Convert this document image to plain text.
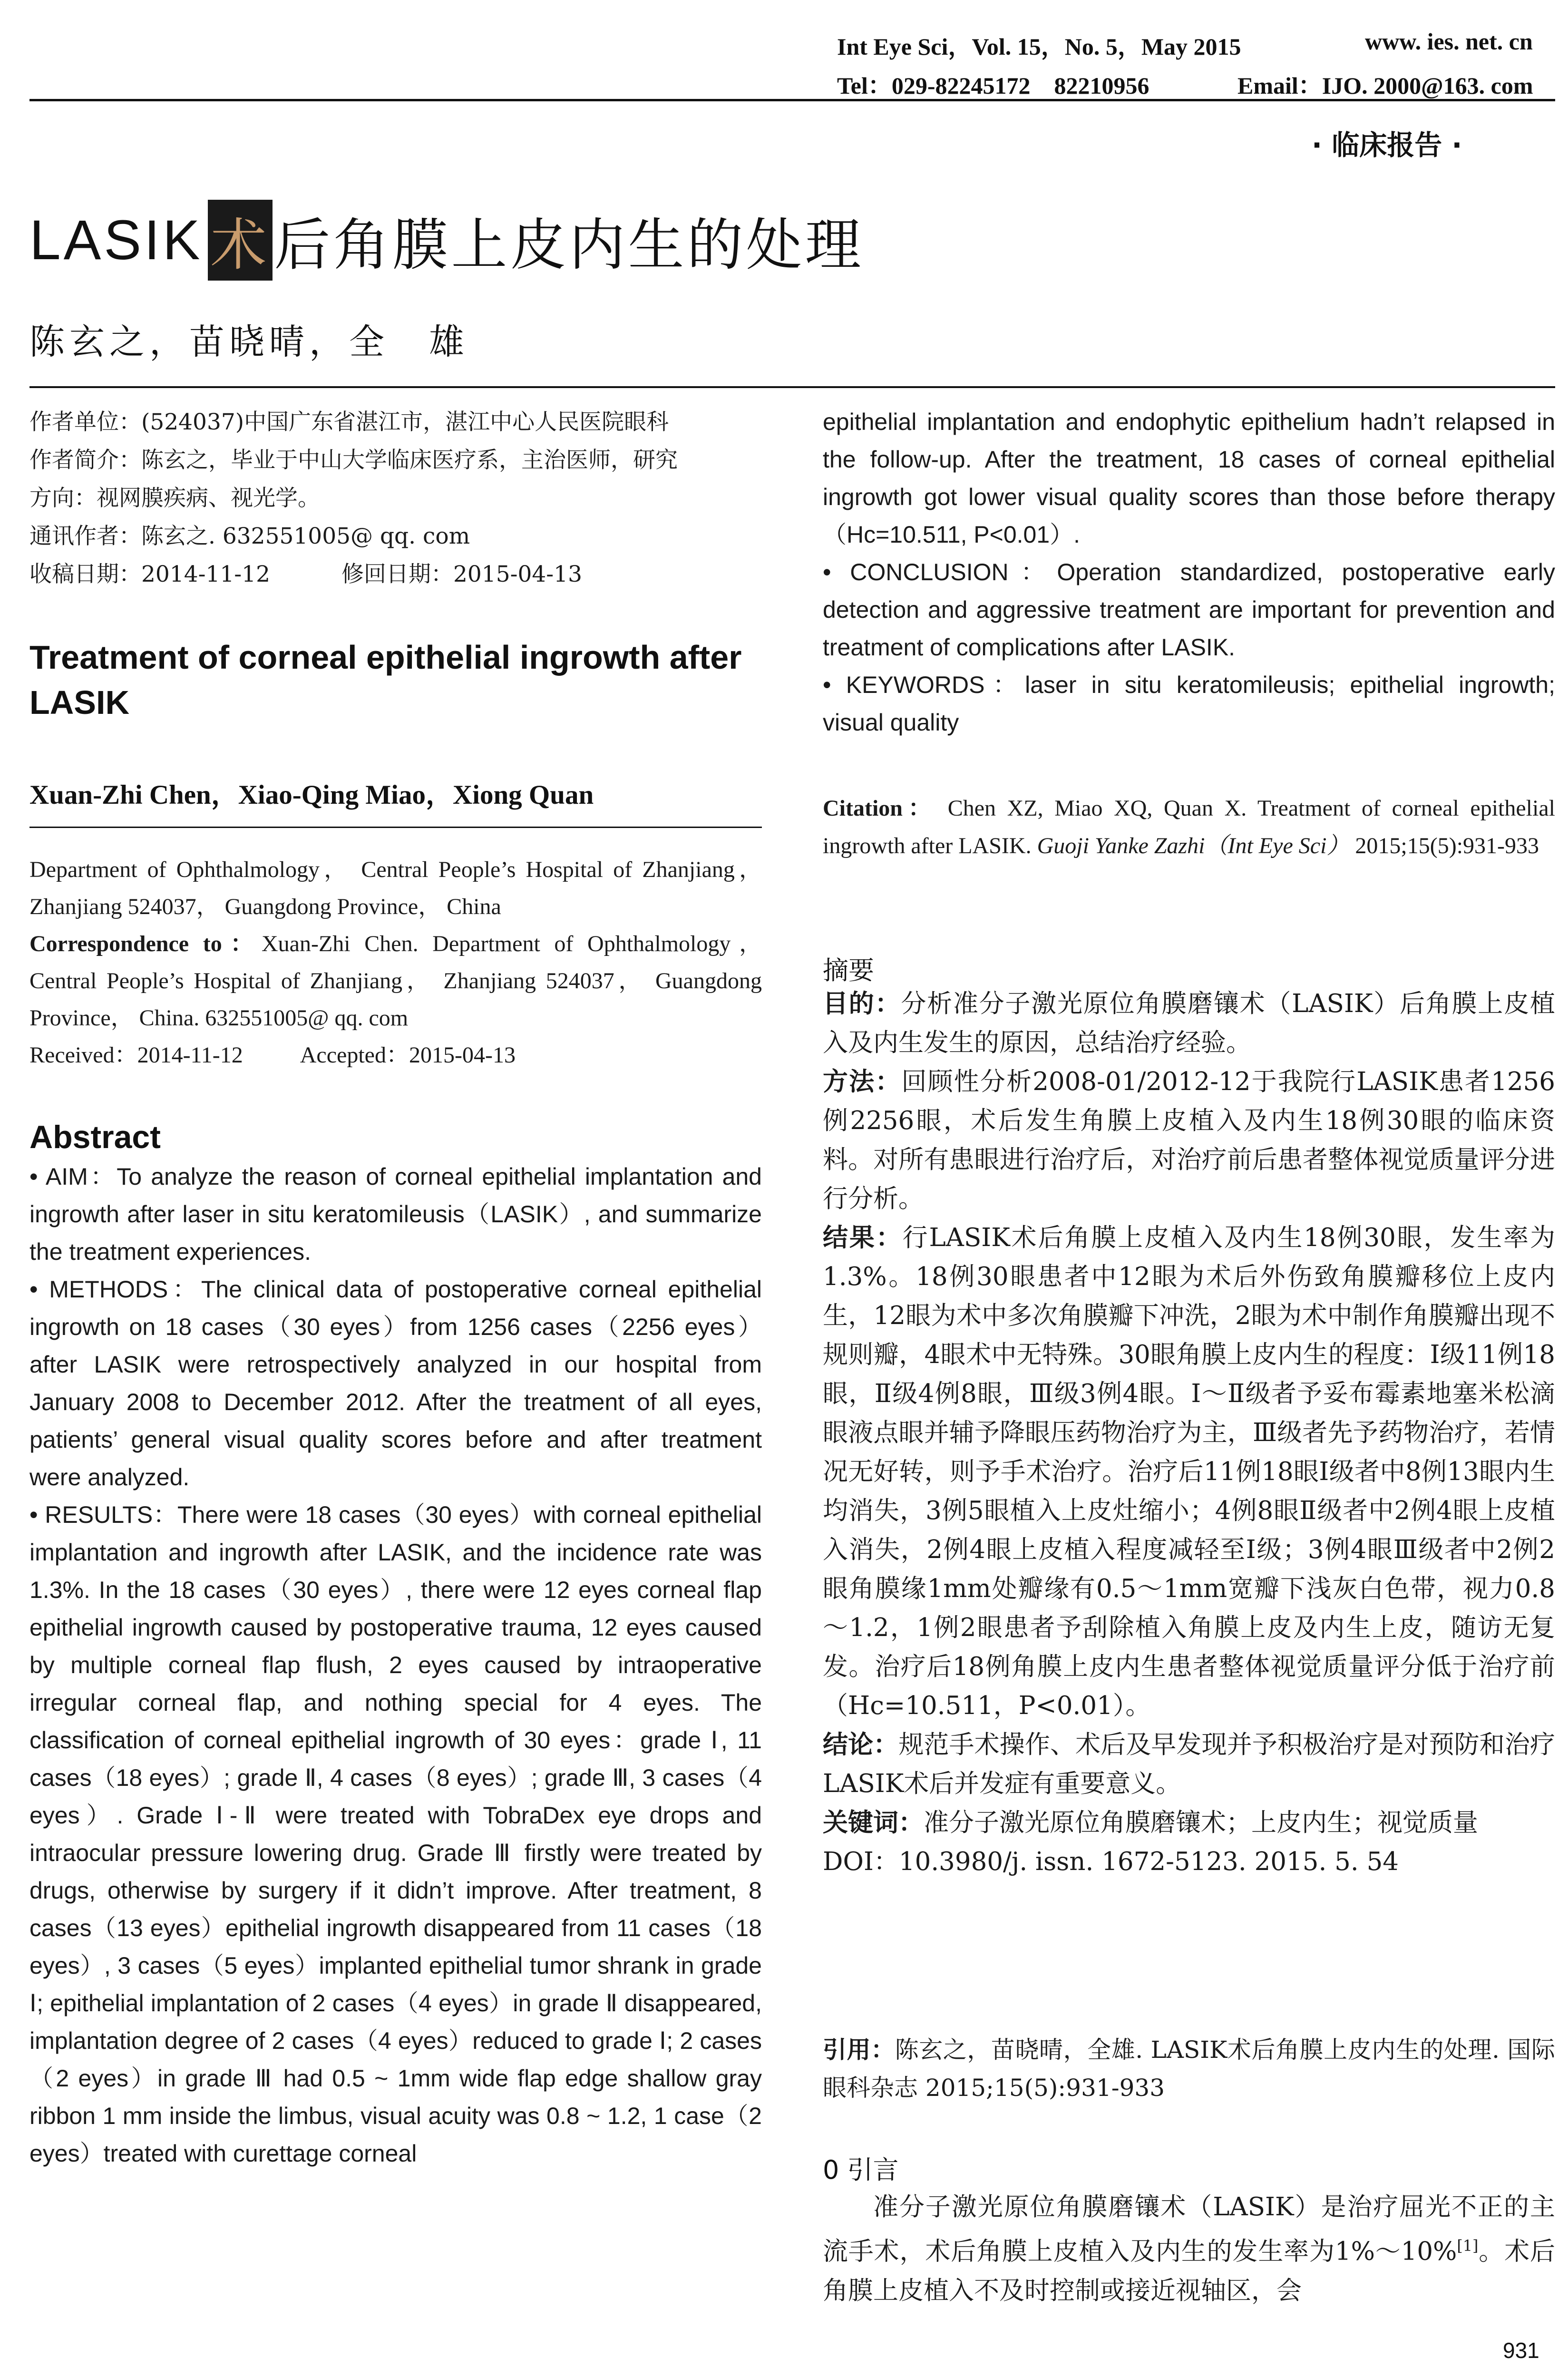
Int Eye Sci，Vol. 15，No. 5，May 2015	www. ies. net. cn
Tel：029-82245172　82210956	Email：IJO. 2000@163. com
· 临床报告 ·
LASIK 术 后角膜上皮内生的处理
陈玄之，苗晓晴，全　雄
作者单位：(524037)中国广东省湛江市，湛江中心人民医院眼科
作者简介：陈玄之，毕业于中山大学临床医疗系，主治医师，研究
方向：视网膜疾病、视光学。
通讯作者：陈玄之. 632551005@ qq. com
收稿日期：2014-11-12	修回日期：2015-04-13
Treatment of corneal epithelial ingrowth after LASIK
Xuan-Zhi Chen，Xiao-Qing Miao，Xiong Quan
Department of Ophthalmology， Central People’s Hospital of Zhanjiang， Zhanjiang 524037， Guangdong Province， China
Correspondence to：Xuan-Zhi Chen. Department of Ophthalmology， Central People’s Hospital of Zhanjiang， Zhanjiang 524037， Guangdong Province， China. 632551005@ qq. com
Received：2014-11-12	Accepted：2015-04-13
Abstract

• AIM：To analyze the reason of corneal epithelial implantation and ingrowth after laser in situ keratomileusis（LASIK）, and summarize the treatment experiences.

• METHODS：The clinical data of postoperative corneal epithelial ingrowth on 18 cases（30 eyes）from 1256 cases（2256 eyes）after LASIK were retrospectively analyzed in our hospital from January 2008 to December 2012. After the treatment of all eyes, patients’ general visual quality scores before and after treatment were analyzed.

• RESULTS：There were 18 cases（30 eyes）with corneal epithelial implantation and ingrowth after LASIK, and the incidence rate was 1.3%. In the 18 cases（30 eyes）, there were 12 eyes corneal flap epithelial ingrowth caused by postoperative trauma, 12 eyes caused by multiple corneal flap flush, 2 eyes caused by intraoperative irregular corneal flap, and nothing special for 4 eyes. The classification of corneal epithelial ingrowth of 30 eyes：grade Ⅰ, 11 cases（18 eyes）; grade Ⅱ, 4 cases（8 eyes）; grade Ⅲ, 3 cases（4 eyes）. Grade Ⅰ-Ⅱ were treated with TobraDex eye drops and intraocular pressure lowering drug. Grade Ⅲ firstly were treated by drugs, otherwise by surgery if it didn’t improve. After treatment, 8 cases（13 eyes）epithelial ingrowth disappeared from 11 cases（18 eyes）, 3 cases（5 eyes）implanted epithelial tumor shrank in grade Ⅰ; epithelial implantation of 2 cases（4 eyes）in grade Ⅱ disappeared, implantation degree of 2 cases（4 eyes）reduced to grade Ⅰ; 2 cases（2 eyes）in grade Ⅲ had 0.5 ~ 1mm wide flap edge shallow gray ribbon 1 mm inside the limbus, visual acuity was 0.8 ~ 1.2, 1 case（2 eyes）treated with curettage corneal

epithelial implantation and endophytic epithelium hadn’t relapsed in the follow-up. After the treatment, 18 cases of corneal epithelial ingrowth got lower visual quality scores than those before therapy（Hc=10.511, P<0.01）.

• CONCLUSION：Operation standardized, postoperative early detection and aggressive treatment are important for prevention and treatment of complications after LASIK.

• KEYWORDS：laser in situ keratomileusis; epithelial ingrowth; visual quality

Citation： Chen XZ, Miao XQ, Quan X. Treatment of corneal epithelial ingrowth after LASIK. Guoji Yanke Zazhi（Int Eye Sci） 2015;15(5):931-933
摘要

目的：分析准分子激光原位角膜磨镶术（LASIK）后角膜上皮植入及内生发生的原因，总结治疗经验。

方法：回顾性分析2008-01/2012-12于我院行LASIK患者1256例2256眼，术后发生角膜上皮植入及内生18例30眼的临床资料。对所有患眼进行治疗后，对治疗前后患者整体视觉质量评分进行分析。

结果：行LASIK术后角膜上皮植入及内生18例30眼，发生率为1.3%。18例30眼患者中12眼为术后外伤致角膜瓣移位上皮内生，12眼为术中多次角膜瓣下冲洗，2眼为术中制作角膜瓣出现不规则瓣，4眼术中无特殊。30眼角膜上皮内生的程度：Ⅰ级11例18眼，Ⅱ级4例8眼，Ⅲ级3例4眼。Ⅰ～Ⅱ级者予妥布霉素地塞米松滴眼液点眼并辅予降眼压药物治疗为主，Ⅲ级者先予药物治疗，若情况无好转，则予手术治疗。治疗后11例18眼Ⅰ级者中8例13眼内生均消失，3例5眼植入上皮灶缩小；4例8眼Ⅱ级者中2例4眼上皮植入消失，2例4眼上皮植入程度减轻至Ⅰ级；3例4眼Ⅲ级者中2例2眼角膜缘1mm处瓣缘有0.5～1mm宽瓣下浅灰白色带，视力0.8～1.2，1例2眼患者予刮除植入角膜上皮及内生上皮，随访无复发。治疗后18例角膜上皮内生患者整体视觉质量评分低于治疗前（Hc=10.511，P<0.01）。

结论：规范手术操作、术后及早发现并予积极治疗是对预防和治疗LASIK术后并发症有重要意义。

关键词：准分子激光原位角膜磨镶术；上皮内生；视觉质量

DOI：10.3980/j. issn. 1672-5123. 2015. 5. 54

引用：陈玄之，苗晓晴，全雄. LASIK术后角膜上皮内生的处理. 国际眼科杂志 2015;15(5):931-933
0 引言

准分子激光原位角膜磨镶术（LASIK）是治疗屈光不正的主流手术，术后角膜上皮植入及内生的发生率为1%～10%[1]。术后角膜上皮植入不及时控制或接近视轴区，会

931
